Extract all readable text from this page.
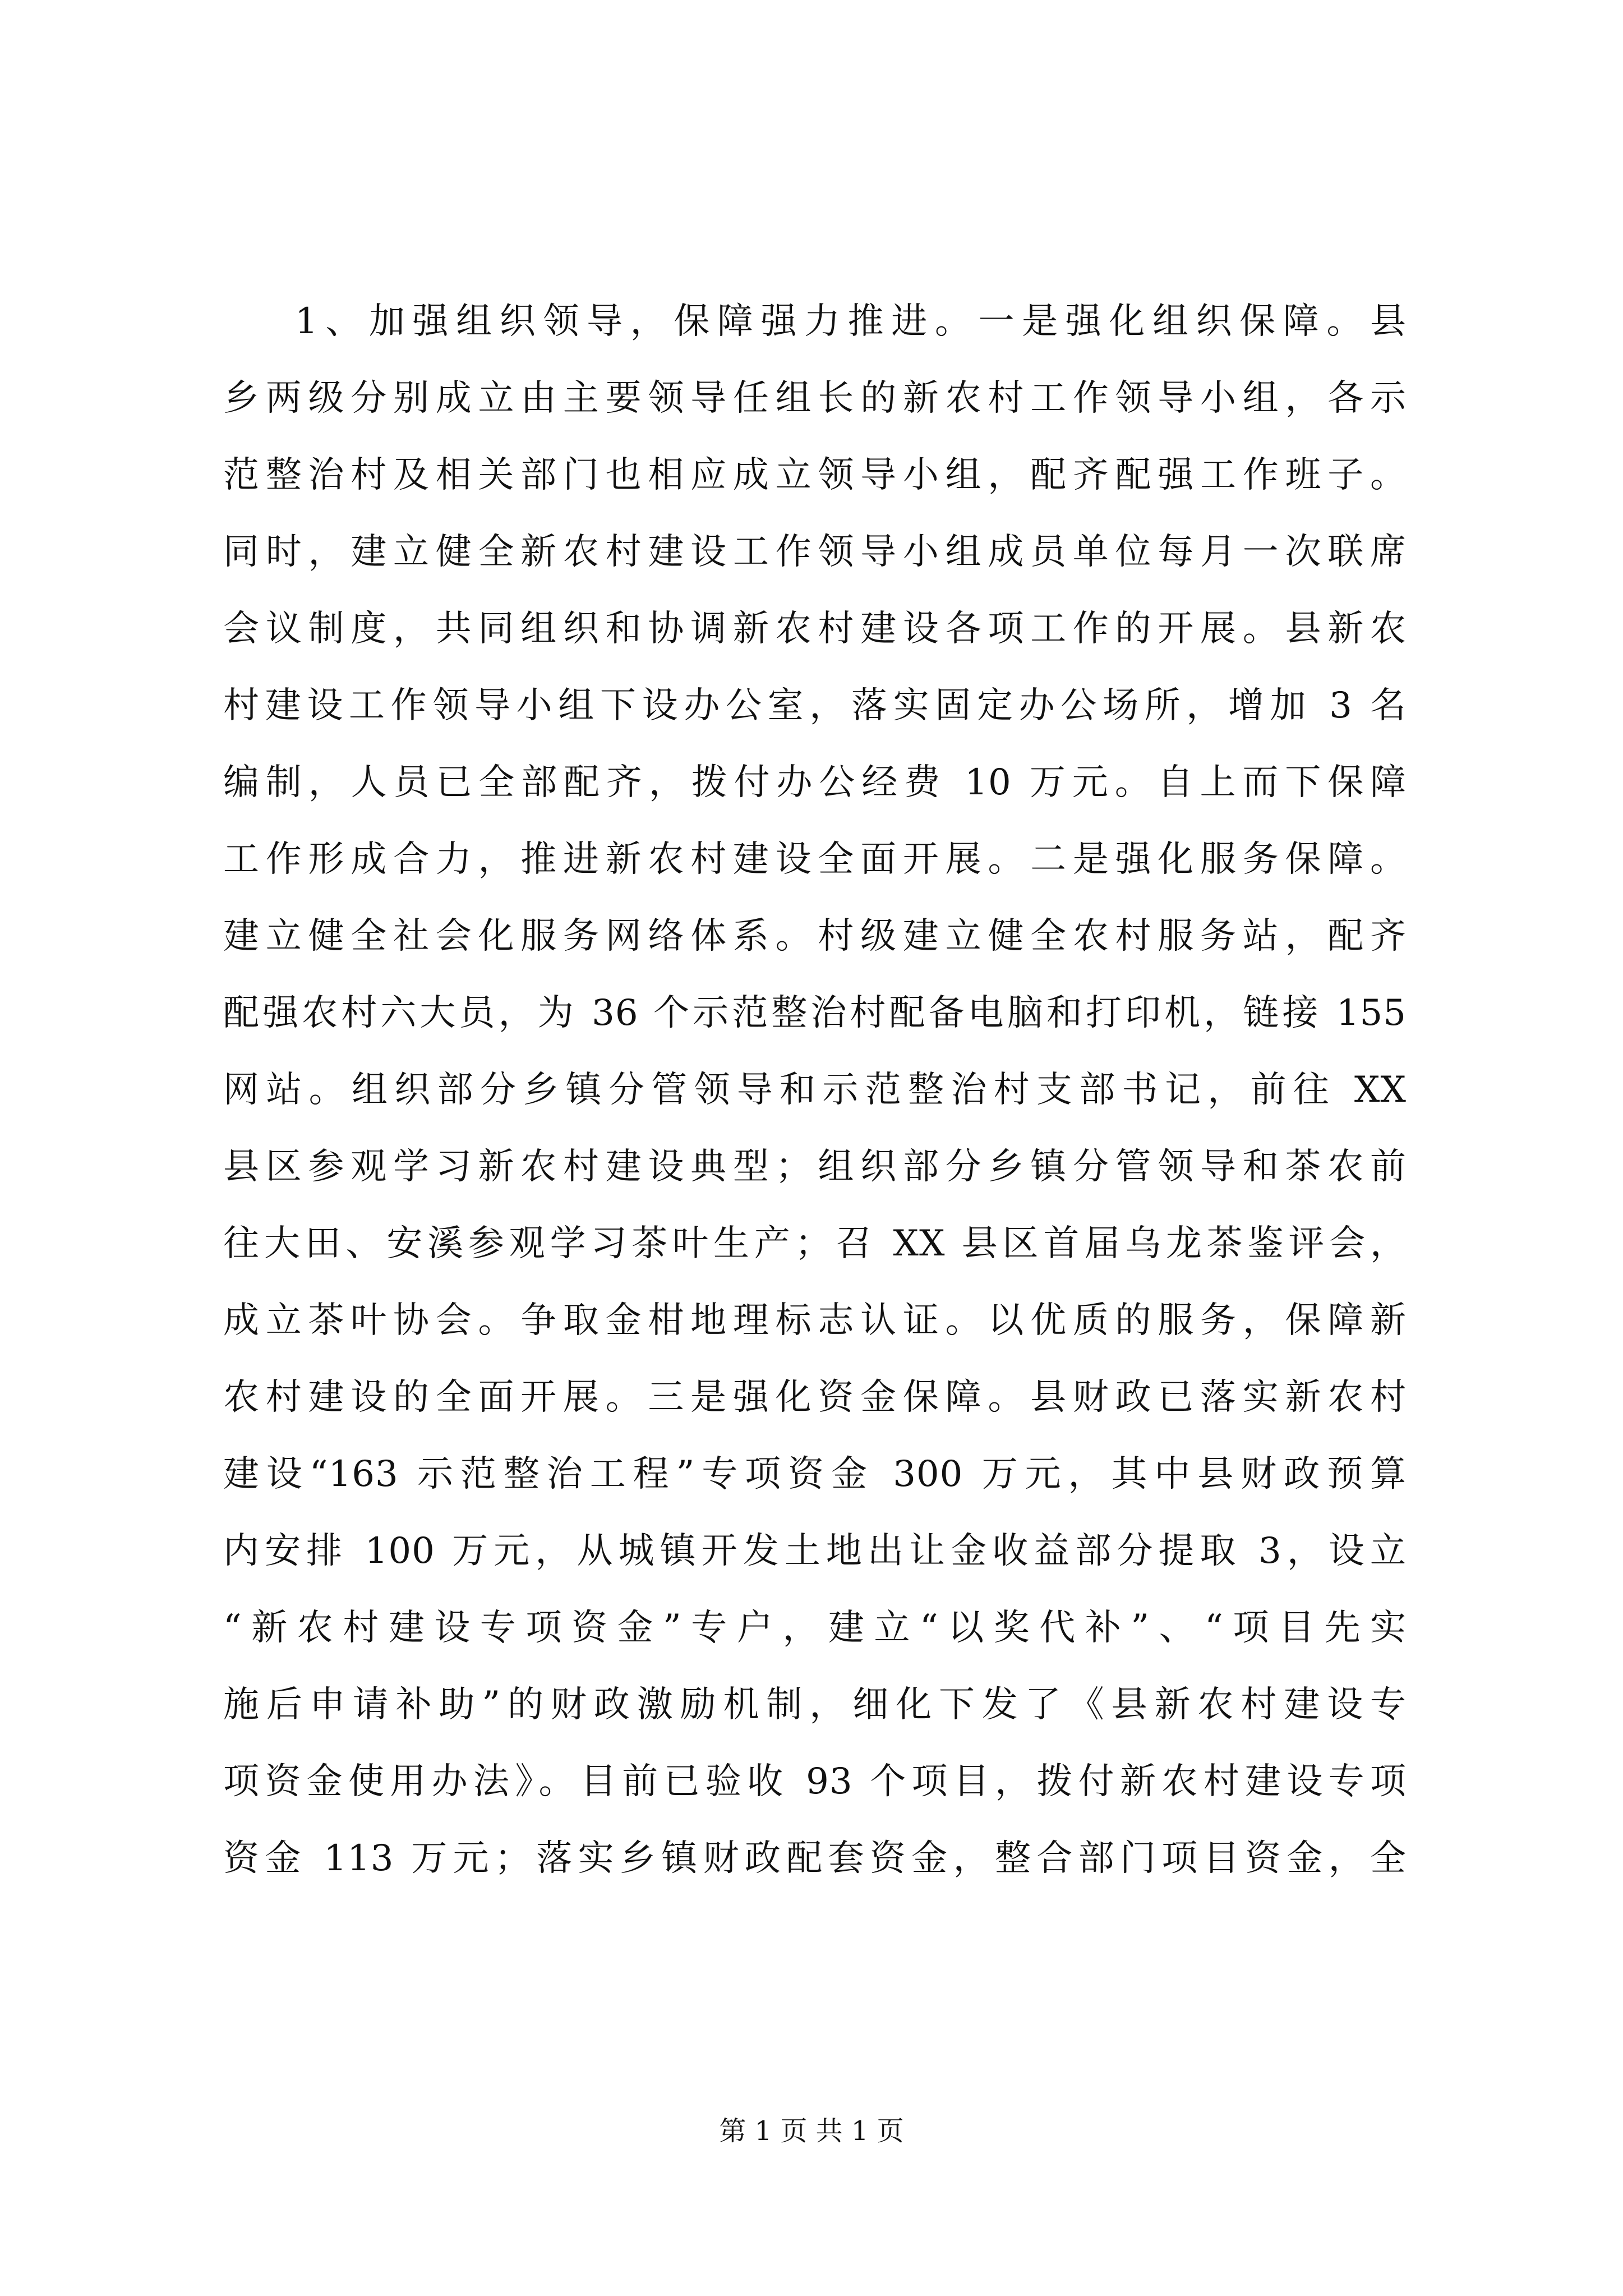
1、加强组织领导，保障强力推进。一是强化组织保障。县
乡两级分别成立由主要领导任组长的新农村工作领导小组，各示
范整治村及相关部门也相应成立领导小组，配齐配强工作班子。
同时，建立健全新农村建设工作领导小组成员单位每月一次联席
会议制度，共同组织和协调新农村建设各项工作的开展。县新农
村建设工作领导小组下设办公室，落实固定办公场所，增加 3 名
编制，人员已全部配齐，拨付办公经费 10 万元。自上而下保障
工作形成合力，推进新农村建设全面开展。二是强化服务保障。
建立健全社会化服务网络体系。村级建立健全农村服务站，配齐
配强农村六大员，为 36 个示范整治村配备电脑和打印机，链接 155
网站。组织部分乡镇分管领导和示范整治村支部书记，前往 XX
县区参观学习新农村建设典型；组织部分乡镇分管领导和茶农前
往大田、安溪参观学习茶叶生产；召 XX 县区首届乌龙茶鉴评会，
成立茶叶协会。争取金柑地理标志认证。以优质的服务，保障新
农村建设的全面开展。三是强化资金保障。县财政已落实新农村
建设“163 示范整治工程”专项资金 300 万元，其中县财政预算
内安排 100 万元，从城镇开发土地出让金收益部分提取 3，设立
“新农村建设专项资金”专户，建立“以奖代补”、“项目先实
施后申请补助”的财政激励机制，细化下发了《县新农村建设专
项资金使用办法》。目前已验收 93 个项目，拨付新农村建设专项
资金 113 万元；落实乡镇财政配套资金，整合部门项目资金，全
第 1 页 共 1 页
